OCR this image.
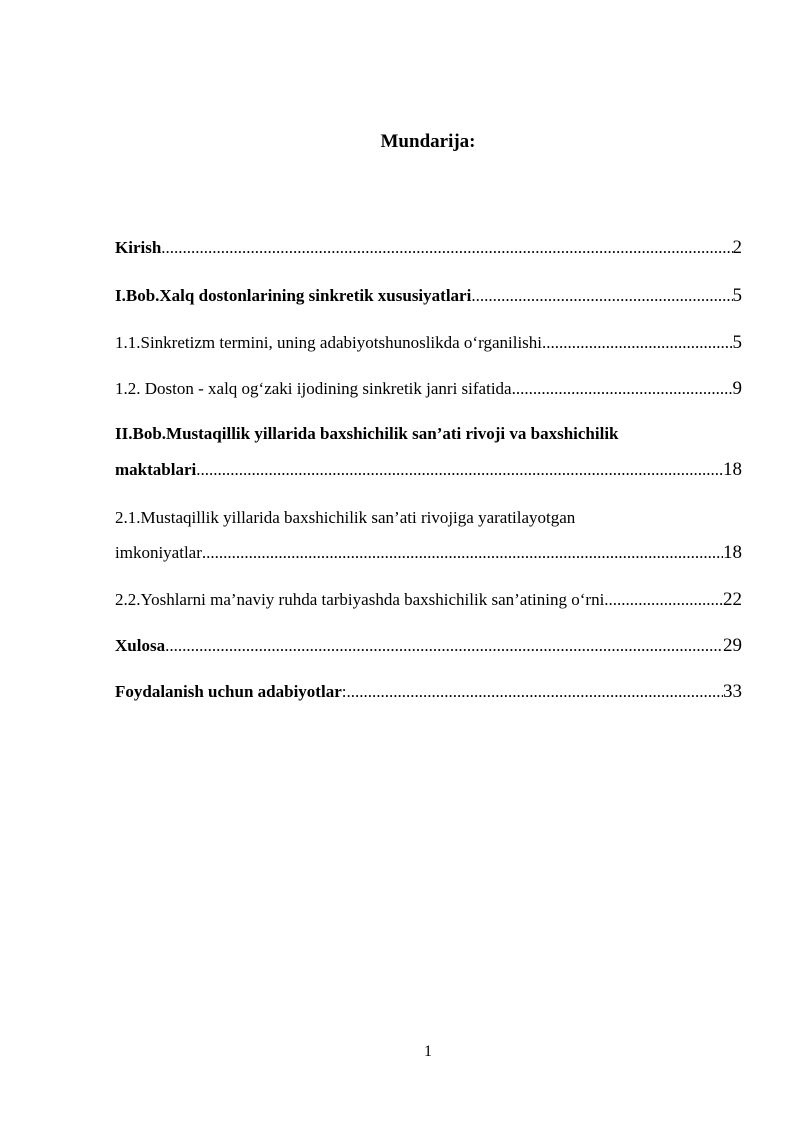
Mundarija:
Kirish .....	2
I.Bob.Xalq dostonlarining sinkretik xususiyatlari .....	5
1.1.Sinkretizm termini, uning adabiyotshunoslikda oʻrganilishi .....	5
1.2. Doston - xalq ogʻzaki ijodining sinkretik janri sifatida .....	9
II.Bob.Mustaqillik yillarida baxshichilik san’ati rivoji va baxshichilik
maktablari .....	18
2.1.Mustaqillik yillarida baxshichilik san’ati rivojiga yaratilayotgan
imkoniyatlar .....	18
2.2.Yoshlarni ma’naviy ruhda tarbiyashda baxshichilik san’atining oʻrni .....	22
Xulosa .....	29
Foydalanish uchun adabiyotlar: .....	33
1
